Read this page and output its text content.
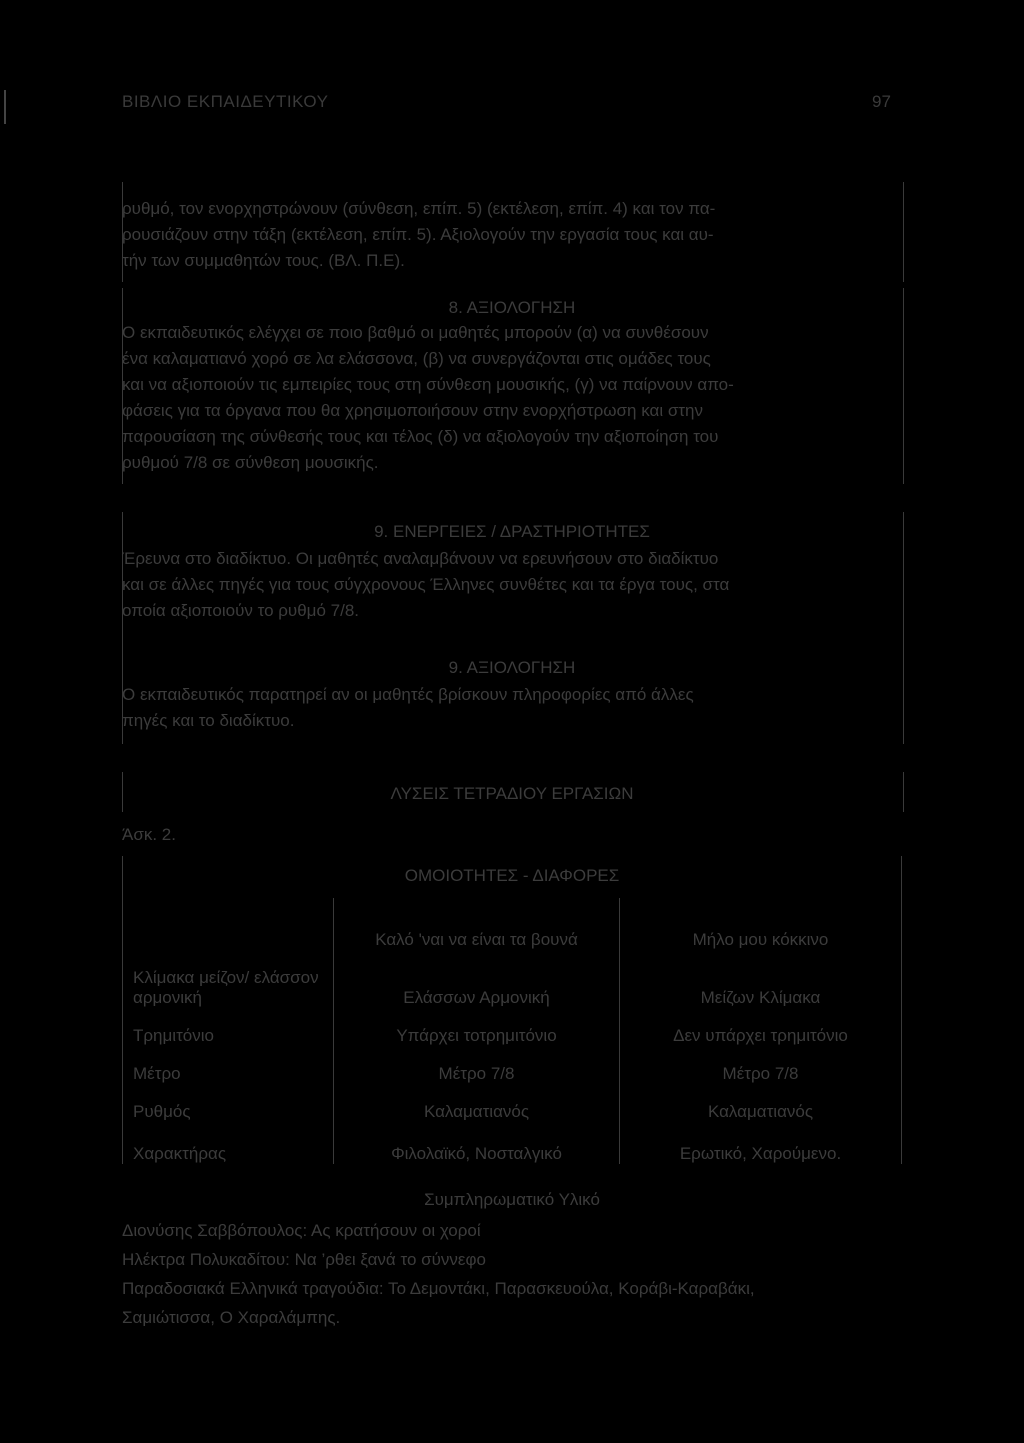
ΒΙΒΛΙΟ ΕΚΠΑΙΔΕΥΤΙΚΟΥ	97
ρυθμό, τον ενορχηστρώνουν (σύνθεση, επίπ. 5) (εκτέλεση, επίπ. 4) και τον πα-
ρουσιάζουν στην τάξη (εκτέλεση, επίπ. 5). Αξιολογούν την εργασία τους και αυ-
τήν των συμμαθητών τους. (ΒΛ. Π.Ε).
8. ΑΞΙΟΛΟΓΗΣΗ
Ο εκπαιδευτικός ελέγχει σε ποιο βαθμό οι μαθητές μπορούν (α) να συνθέσουν
ένα καλαματιανό χορό σε λα ελάσσονα, (β) να συνεργάζονται στις ομάδες τους
και να αξιοποιούν τις εμπειρίες τους στη σύνθεση μουσικής, (γ) να παίρνουν απο-
φάσεις για τα όργανα που θα χρησιμοποιήσουν στην ενορχήστρωση και στην
παρουσίαση της σύνθεσής τους και τέλος (δ) να αξιολογούν την αξιοποίηση του
ρυθμού 7/8 σε σύνθεση μουσικής.
9. ΕΝΕΡΓΕΙΕΣ / ΔΡΑΣΤΗΡΙΟΤΗΤΕΣ
Έρευνα στο διαδίκτυο. Οι μαθητές αναλαμβάνουν να ερευνήσουν στο διαδίκτυο
και σε άλλες πηγές για τους σύγχρονους Έλληνες συνθέτες και τα έργα τους, στα
οποία αξιοποιούν το ρυθμό 7/8.
9. ΑΞΙΟΛΟΓΗΣΗ
Ο εκπαιδευτικός παρατηρεί αν οι μαθητές βρίσκουν πληροφορίες από άλλες
πηγές και το διαδίκτυο.
ΛΥΣΕΙΣ ΤΕΤΡΑΔΙΟΥ ΕΡΓΑΣΙΩΝ
Άσκ. 2.
ΟΜΟΙΟΤΗΤΕΣ - ΔΙΑΦΟΡΕΣ

	Καλό 'ναι να είναι τα βουνά	Μήλο μου κόκκινο
Κλίμακα μείζον/ ελάσσον αρμονική	Ελάσσων Αρμονική	Μείζων Κλίμακα
Τρημιτόνιο	Υπάρχει τοτρημιτόνιο	Δεν υπάρχει τρημιτόνιο
Μέτρο	Μέτρο 7/8	Μέτρο 7/8
Ρυθμός	Καλαματιανός	Καλαματιανός
Χαρακτήρας	Φιλολαϊκό, Νοσταλγικό	Ερωτικό, Χαρούμενο.
Συμπληρωματικό Υλικό
Διονύσης Σαββόπουλος: Ας κρατήσουν οι χοροί
Ηλέκτρα Πολυκαδίτου: Να ’ρθει ξανά το σύννεφο
Παραδοσιακά Ελληνικά τραγούδια: Το Δεμοντάκι, Παρασκευούλα, Κοράβι-Καραβάκι,
Σαμιώτισσα, Ο Χαραλάμπης.
